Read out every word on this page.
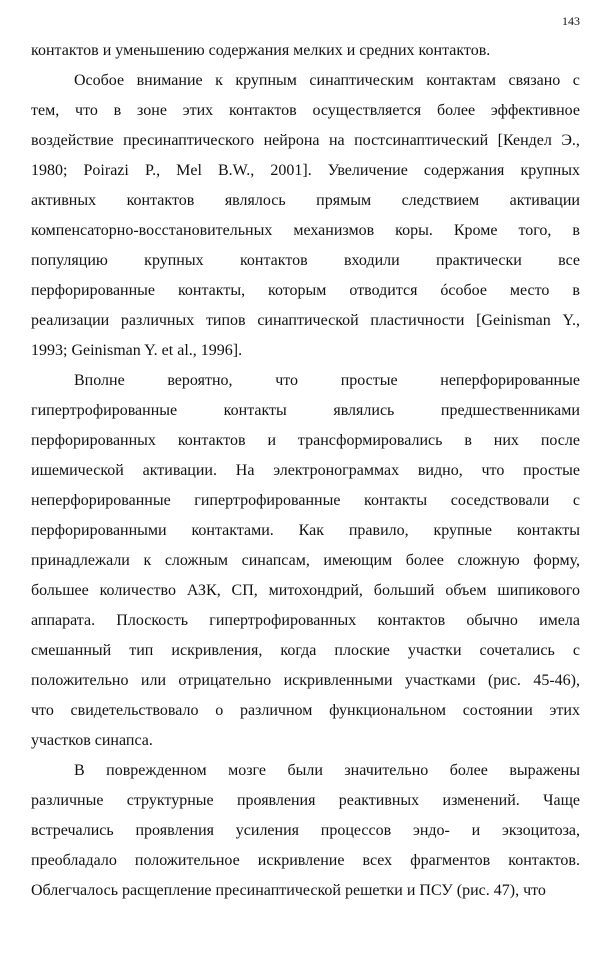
143
контактов и уменьшению содержания мелких и средних контактов.
Особое внимание к крупным синаптическим контактам связано с
тем, что в зоне этих контактов осуществляется более эффективное
воздействие пресинаптического нейрона на постсинаптический [Кендел Э.,
1980; Poirazi P., Mel B.W., 2001]. Увеличение содержания крупных
активных контактов являлось прямым следствием активации
компенсаторно-восстановительных механизмов коры. Кроме того, в
популяцию крупных контактов входили практически все
перфорированные контакты, которым отводится óсобое место в
реализации различных типов синаптической пластичности [Geinisman Y.,
1993; Geinisman Y. et al., 1996].
Вполне	вероятно,	что	простые	неперфорированные
гипертрофированные	контакты	являлись	предшественниками
перфорированных контактов и трансформировались в них после
ишемической активации. На электронограммах видно, что простые
неперфорированные гипертрофированные контакты соседствовали с
перфорированными контактами. Как правило, крупные контакты
принадлежали к сложным синапсам, имеющим более сложную форму,
большее количество АЗК, СП, митохондрий, больший объем шипикового
аппарата. Плоскость гипертрофированных контактов обычно имела
смешанный тип искривления, когда плоские участки сочетались с
положительно или отрицательно искривленными участками (рис. 45-46),
что свидетельствовало о различном функциональном состоянии этих
участков синапса.
В поврежденном мозге были значительно более выражены
различные структурные проявления реактивных изменений. Чаще
встречались проявления усиления процессов эндо- и экзоцитоза,
преобладало положительное искривление всех фрагментов контактов.
Облегчалось расщепление пресинаптической решетки и ПСУ (рис. 47), что
